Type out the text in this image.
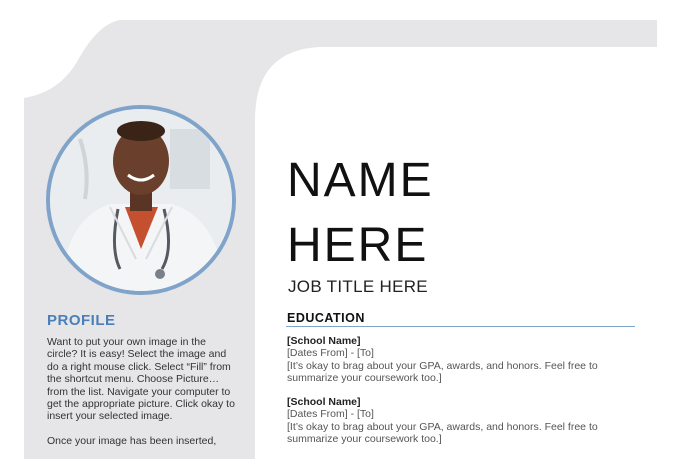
PROFILE

Want to put your own image in the circle? It is easy! Select the image and do a right mouse click. Select “Fill” from the shortcut menu. Choose Picture… from the list. Navigate your computer to get the appropriate picture. Click okay to insert your selected image.

Once your image has been inserted,

NAME
HERE
JOB TITLE HERE
EDUCATION
[School Name]
[Dates From] - [To]
[It’s okay to brag about your GPA, awards, and honors. Feel free to summarize your coursework too.]
[School Name]
[Dates From] - [To]
[It’s okay to brag about your GPA, awards, and honors. Feel free to summarize your coursework too.]
